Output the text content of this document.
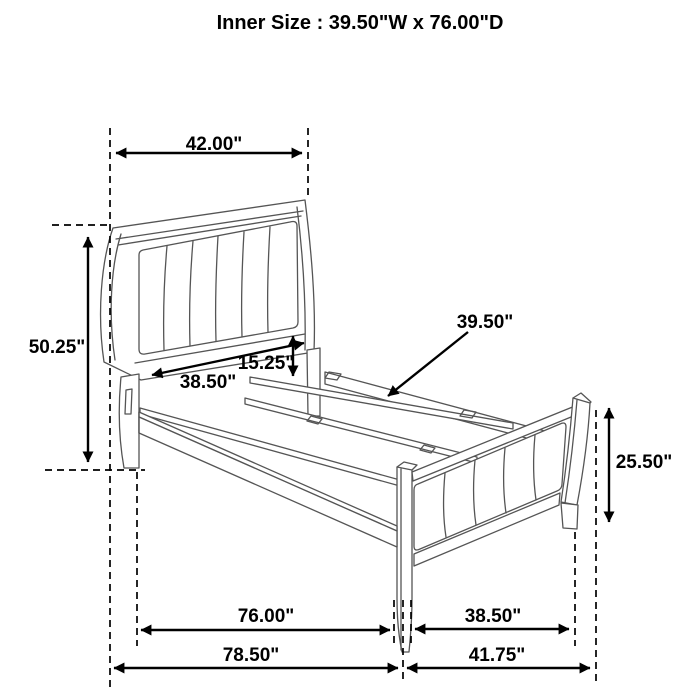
Inner Size : 39.50"W x 76.00"D
42.00"
50.25"
38.50"
15.25"
39.50"
25.50"
76.00"	38.50"
78.50"	41.75"
